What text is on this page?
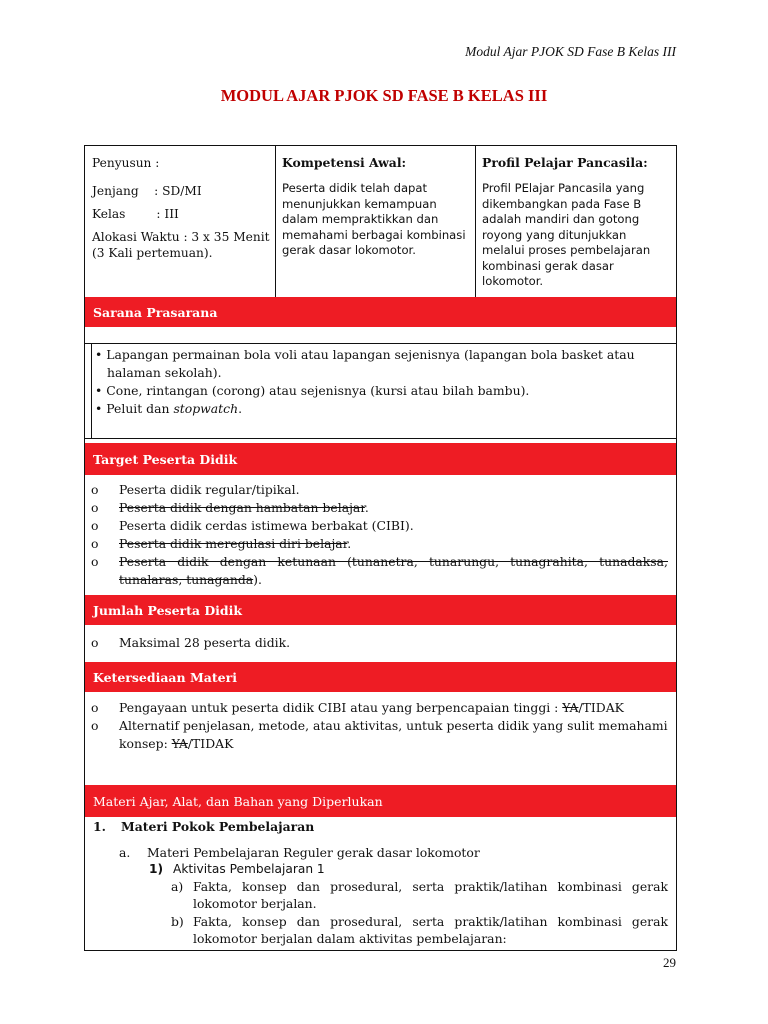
Modul Ajar PJOK SD Fase B Kelas III
MODUL AJAR PJOK SD FASE B KELAS III

Penyusun :

Jenjang    : SD/MI

Kelas        : III

Alokasi Waktu : 3 x 35 Menit (3 Kali pertemuan).

Kompetensi Awal:
Peserta didik telah dapat menunjukkan kemampuan dalam mempraktikkan dan memahami berbagai kombinasi gerak dasar lokomotor.
Profil Pelajar Pancasila:
Profil PElajar Pancasila yang dikembangkan pada Fase B adalah mandiri dan gotong royong yang ditunjukkan melalui proses pembelajaran kombinasi gerak dasar lokomotor.
Sarana Prasarana
• Lapangan permainan bola voli atau lapangan sejenisnya (lapangan bola basket atau halaman sekolah).
• Cone, rintangan (corong) atau sejenisnya (kursi atau bilah bambu).
• Peluit dan stopwatch.
Target Peserta Didik
o	Peserta didik regular/tipikal.
o	Peserta didik dengan hambatan belajar.
o	Peserta didik cerdas istimewa berbakat (CIBI).
o	Peserta didik meregulasi diri belajar.
o	Peserta didik dengan ketunaan (tunanetra, tunarungu, tunagrahita, tunadaksa, tunalaras, tunaganda).
Jumlah Peserta Didik
o	Maksimal 28 peserta didik.
Ketersediaan Materi
o	Pengayaan untuk peserta didik CIBI atau yang berpencapaian tinggi : YA/TIDAK
o	Alternatif penjelasan, metode, atau aktivitas, untuk peserta didik yang sulit memahami konsep: YA/TIDAK
Materi Ajar, Alat, dan Bahan yang Diperlukan
1.	Materi Pokok Pembelajaran
a.	Materi Pembelajaran Reguler gerak dasar lokomotor
1) Aktivitas Pembelajaran 1
a) Fakta, konsep dan prosedural, serta praktik/latihan kombinasi gerak lokomotor berjalan.
b) Fakta, konsep dan prosedural, serta praktik/latihan kombinasi gerak lokomotor berjalan dalam aktivitas pembelajaran:
29
